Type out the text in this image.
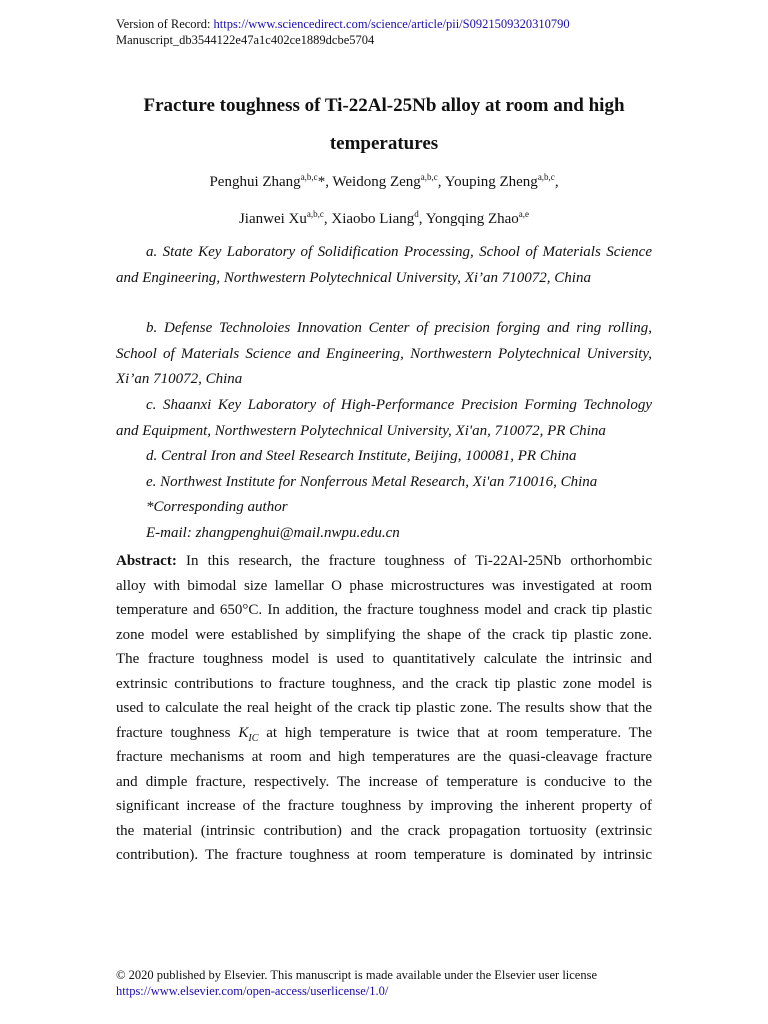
Version of Record: https://www.sciencedirect.com/science/article/pii/S0921509320310790
Manuscript_db3544122e47a1c402ce1889dcbe5704
Fracture toughness of Ti-22Al-25Nb alloy at room and high
temperatures
Penghui Zhang$^{a,b,c}$*, Weidong Zeng$^{a,b,c}$, Youping Zheng$^{a,b,c}$,
Jianwei Xu$^{a,b,c}$, Xiaobo Liang$^d$, Yongqing Zhao$^{a,e}$
a. State Key Laboratory of Solidification Processing, School of Materials Science and Engineering, Northwestern Polytechnical University, Xi’an 710072, China
b. Defense Technoloies Innovation Center of precision forging and ring rolling, School of Materials Science and Engineering, Northwestern Polytechnical University, Xi’an 710072, China
c. Shaanxi Key Laboratory of High-Performance Precision Forming Technology and Equipment, Northwestern Polytechnical University, Xi'an, 710072, PR China
d. Central Iron and Steel Research Institute, Beijing, 100081, PR China
e. Northwest Institute for Nonferrous Metal Research, Xi'an 710016, China
*Corresponding author
E-mail: zhangpenghui@mail.nwpu.edu.cn
Abstract: In this research, the fracture toughness of Ti-22Al-25Nb orthorhombic
alloy with bimodal size lamellar O phase microstructures was investigated at room
temperature and 650°C. In addition, the fracture toughness model and crack tip plastic
zone model were established by simplifying the shape of the crack tip plastic zone.
The fracture toughness model is used to quantitatively calculate the intrinsic and
extrinsic contributions to fracture toughness, and the crack tip plastic zone model is
used to calculate the real height of the crack tip plastic zone. The results show that the
fracture toughness $K_{IC}$ at high temperature is twice that at room temperature. The
fracture mechanisms at room and high temperatures are the quasi-cleavage fracture
and dimple fracture, respectively. The increase of temperature is conducive to the
significant increase of the fracture toughness by improving the inherent property of
the material (intrinsic contribution) and the crack propagation tortuosity (extrinsic
contribution). The fracture toughness at room temperature is dominated by intrinsic
© 2020 published by Elsevier. This manuscript is made available under the Elsevier user license
https://www.elsevier.com/open-access/userlicense/1.0/
